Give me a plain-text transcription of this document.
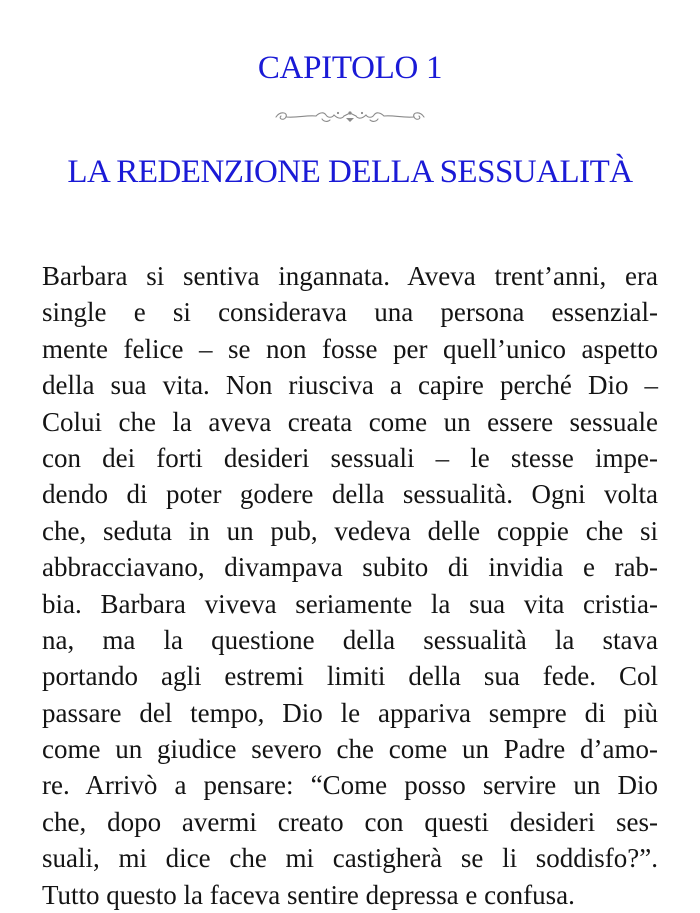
CAPITOLO 1
LA REDENZIONE DELLA SESSUALITÀ
Barbara si sentiva ingannata. Aveva trent’anni, era
single e si considerava una persona essenzial-
mente felice – se non fosse per quell’unico aspetto
della sua vita. Non riusciva a capire perché Dio –
Colui che la aveva creata come un essere sessuale
con dei forti desideri sessuali – le stesse impe-
dendo di poter godere della sessualità. Ogni volta
che, seduta in un pub, vedeva delle coppie che si
abbracciavano, divampava subito di invidia e rab-
bia. Barbara viveva seriamente la sua vita cristia-
na, ma la questione della sessualità la stava
portando agli estremi limiti della sua fede. Col
passare del tempo, Dio le appariva sempre di più
come un giudice severo che come un Padre d’amo-
re. Arrivò a pensare: “Come posso servire un Dio
che, dopo avermi creato con questi desideri ses-
suali, mi dice che mi castigherà se li soddisfo?”.
Tutto questo la faceva sentire depressa e confusa.
